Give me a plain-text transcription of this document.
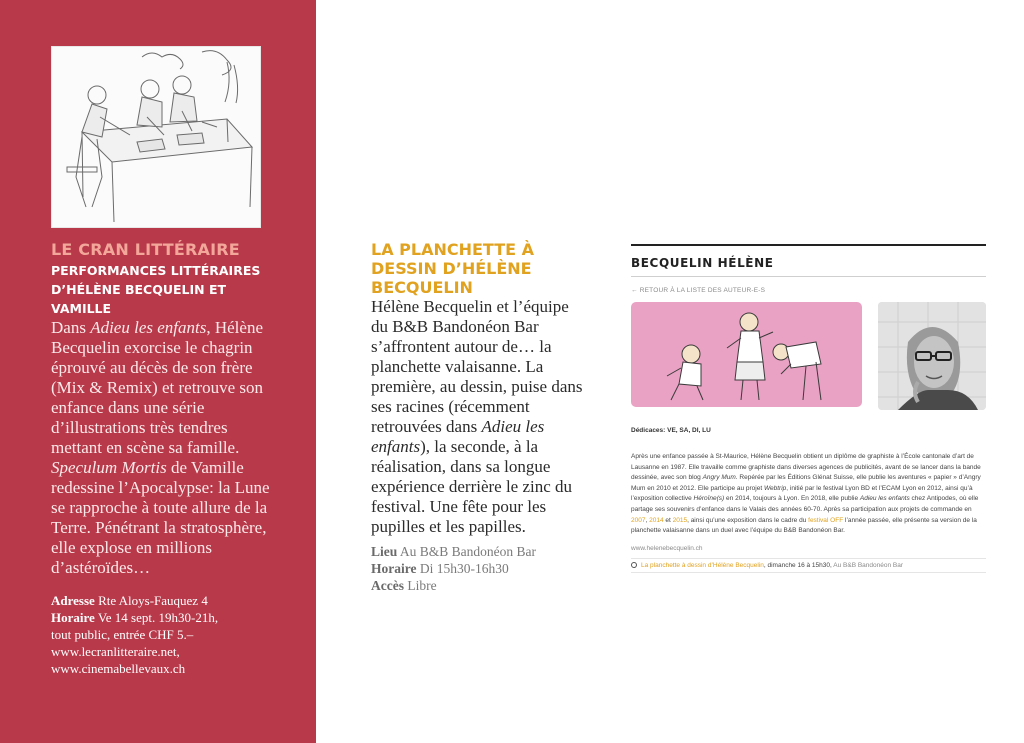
LE CRAN LITTÉRAIRE
PERFORMANCES LITTÉRAIRES D’HÉLÈNE BECQUELIN ET VAMILLE

Dans Adieu les enfants, Hélène Becquelin exorcise le chagrin éprouvé au décès de son frère (Mix & Remix) et retrouve son enfance dans une série d’illustrations très tendres mettant en scène sa famille.
Speculum Mortis de Vamille redessine l’Apocalypse: la Lune se rapproche à toute allure de la Terre. Pénétrant la stratosphère, elle explose en millions d’astéroïdes…

Adresse Rte Aloys-Fauquez 4
Horaire Ve 14 sept. 19h30-21h,
tout public, entrée CHF 5.–
www.lecranlitteraire.net,
www.cinemabellevaux.ch
LA PLANCHETTE À DESSIN D’HÉLÈNE BECQUELIN

Hélène Becquelin et l’équipe du B&B Bandonéon Bar s’affrontent autour de… la planchette valaisanne. La première, au dessin, puise dans ses racines (récemment retrouvées dans Adieu les enfants), la seconde, à la réalisation, dans sa longue expérience derrière le zinc du festival. Une fête pour les pupilles et les papilles.

Lieu Au B&B Bandonéon Bar
Horaire Di 15h30-16h30
Accès Libre
BECQUELIN HÉLÈNE
← RETOUR À LA LISTE DES AUTEUR-E-S
Dédicaces: VE, SA, DI, LU

Après une enfance passée à St-Maurice, Hélène Becquelin obtient un diplôme de graphiste à l’École cantonale d’art de Lausanne en 1987. Elle travaille comme graphiste dans diverses agences de publicités, avant de se lancer dans la bande dessinée, avec son blog Angry Mum. Repérée par les Éditions Glénat Suisse, elle publie les aventures « papier » d’Angry Mum en 2010 et 2012. Elle participe au projet Webtrip, initié par le festival Lyon BD et l’ECAM Lyon en 2012, ainsi qu’à l’exposition collective Héroïne(s) en 2014, toujours à Lyon. En 2018, elle publie Adieu les enfants chez Antipodes, où elle partage ses souvenirs d’enfance dans le Valais des années 60-70. Après sa participation aux projets de commande en 2007, 2014 et 2015, ainsi qu’une exposition dans le cadre du festival OFF l’année passée, elle présente sa version de la planchette valaisanne dans un duel avec l’équipe du B&B Bandonéon Bar.

www.helenebecquelin.ch
La planchette à dessin d’Hélène Becquelin, dimanche 16 à 15h30, Au B&B Bandonéon Bar
